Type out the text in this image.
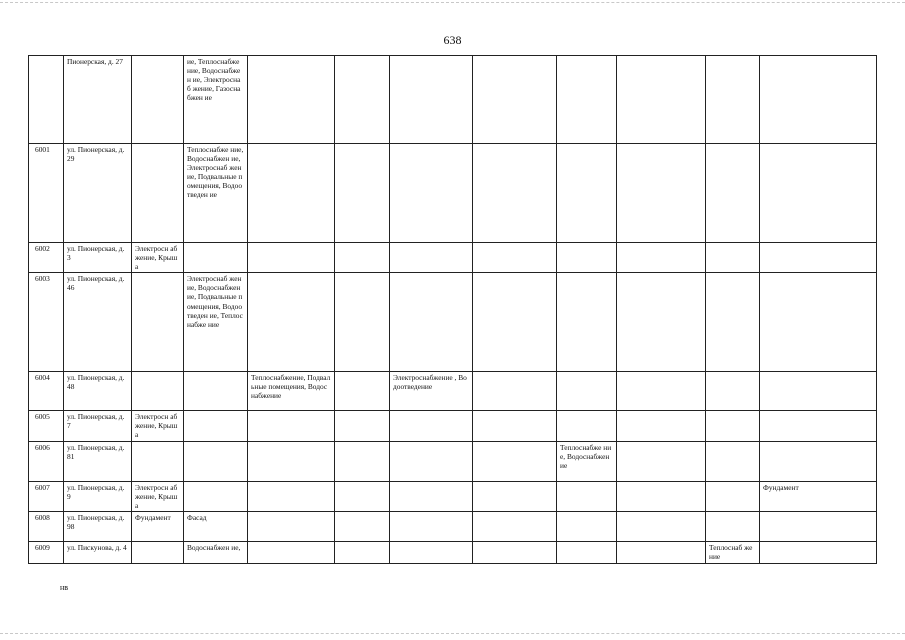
638
	Пионерская, д. 27		ие, Теплоснабже ние, Водоснабжен ие, Электроснаб жение, Газоснабжен ие								
6001	ул. Пионерская, д. 29		Теплоснабже ние, Водоснабжен ие, Электроснаб жение, Подвальные помещения, Водоотведен ие								
6002	ул. Пионерская, д. 3	Электросн абжение, Крыша									
6003	ул. Пионерская, д. 46		Электроснаб жение, Водоснабжен ие, Подвальные помещения, Водоотведен ие, Теплоснабже ние								
6004	ул. Пионерская, д. 48			Теплоснабжение, Подвальные помещения, Водоснабжение		Электроснабжение , Водоотведение					
6005	ул. Пионерская, д. 7	Электросн абжение, Крыша									
6006	ул. Пионерская, д. 81							Теплоснабже ние, Водоснабжен ие			
6007	ул. Пионерская, д. 9	Электросн абжение, Крыша									Фундамент
6008	ул. Пионерская, д. 98	Фундамент	Фасад								
6009	ул. Пискунова, д. 4		Водоснабжен ие,							Теплоснаб жение	
нв
